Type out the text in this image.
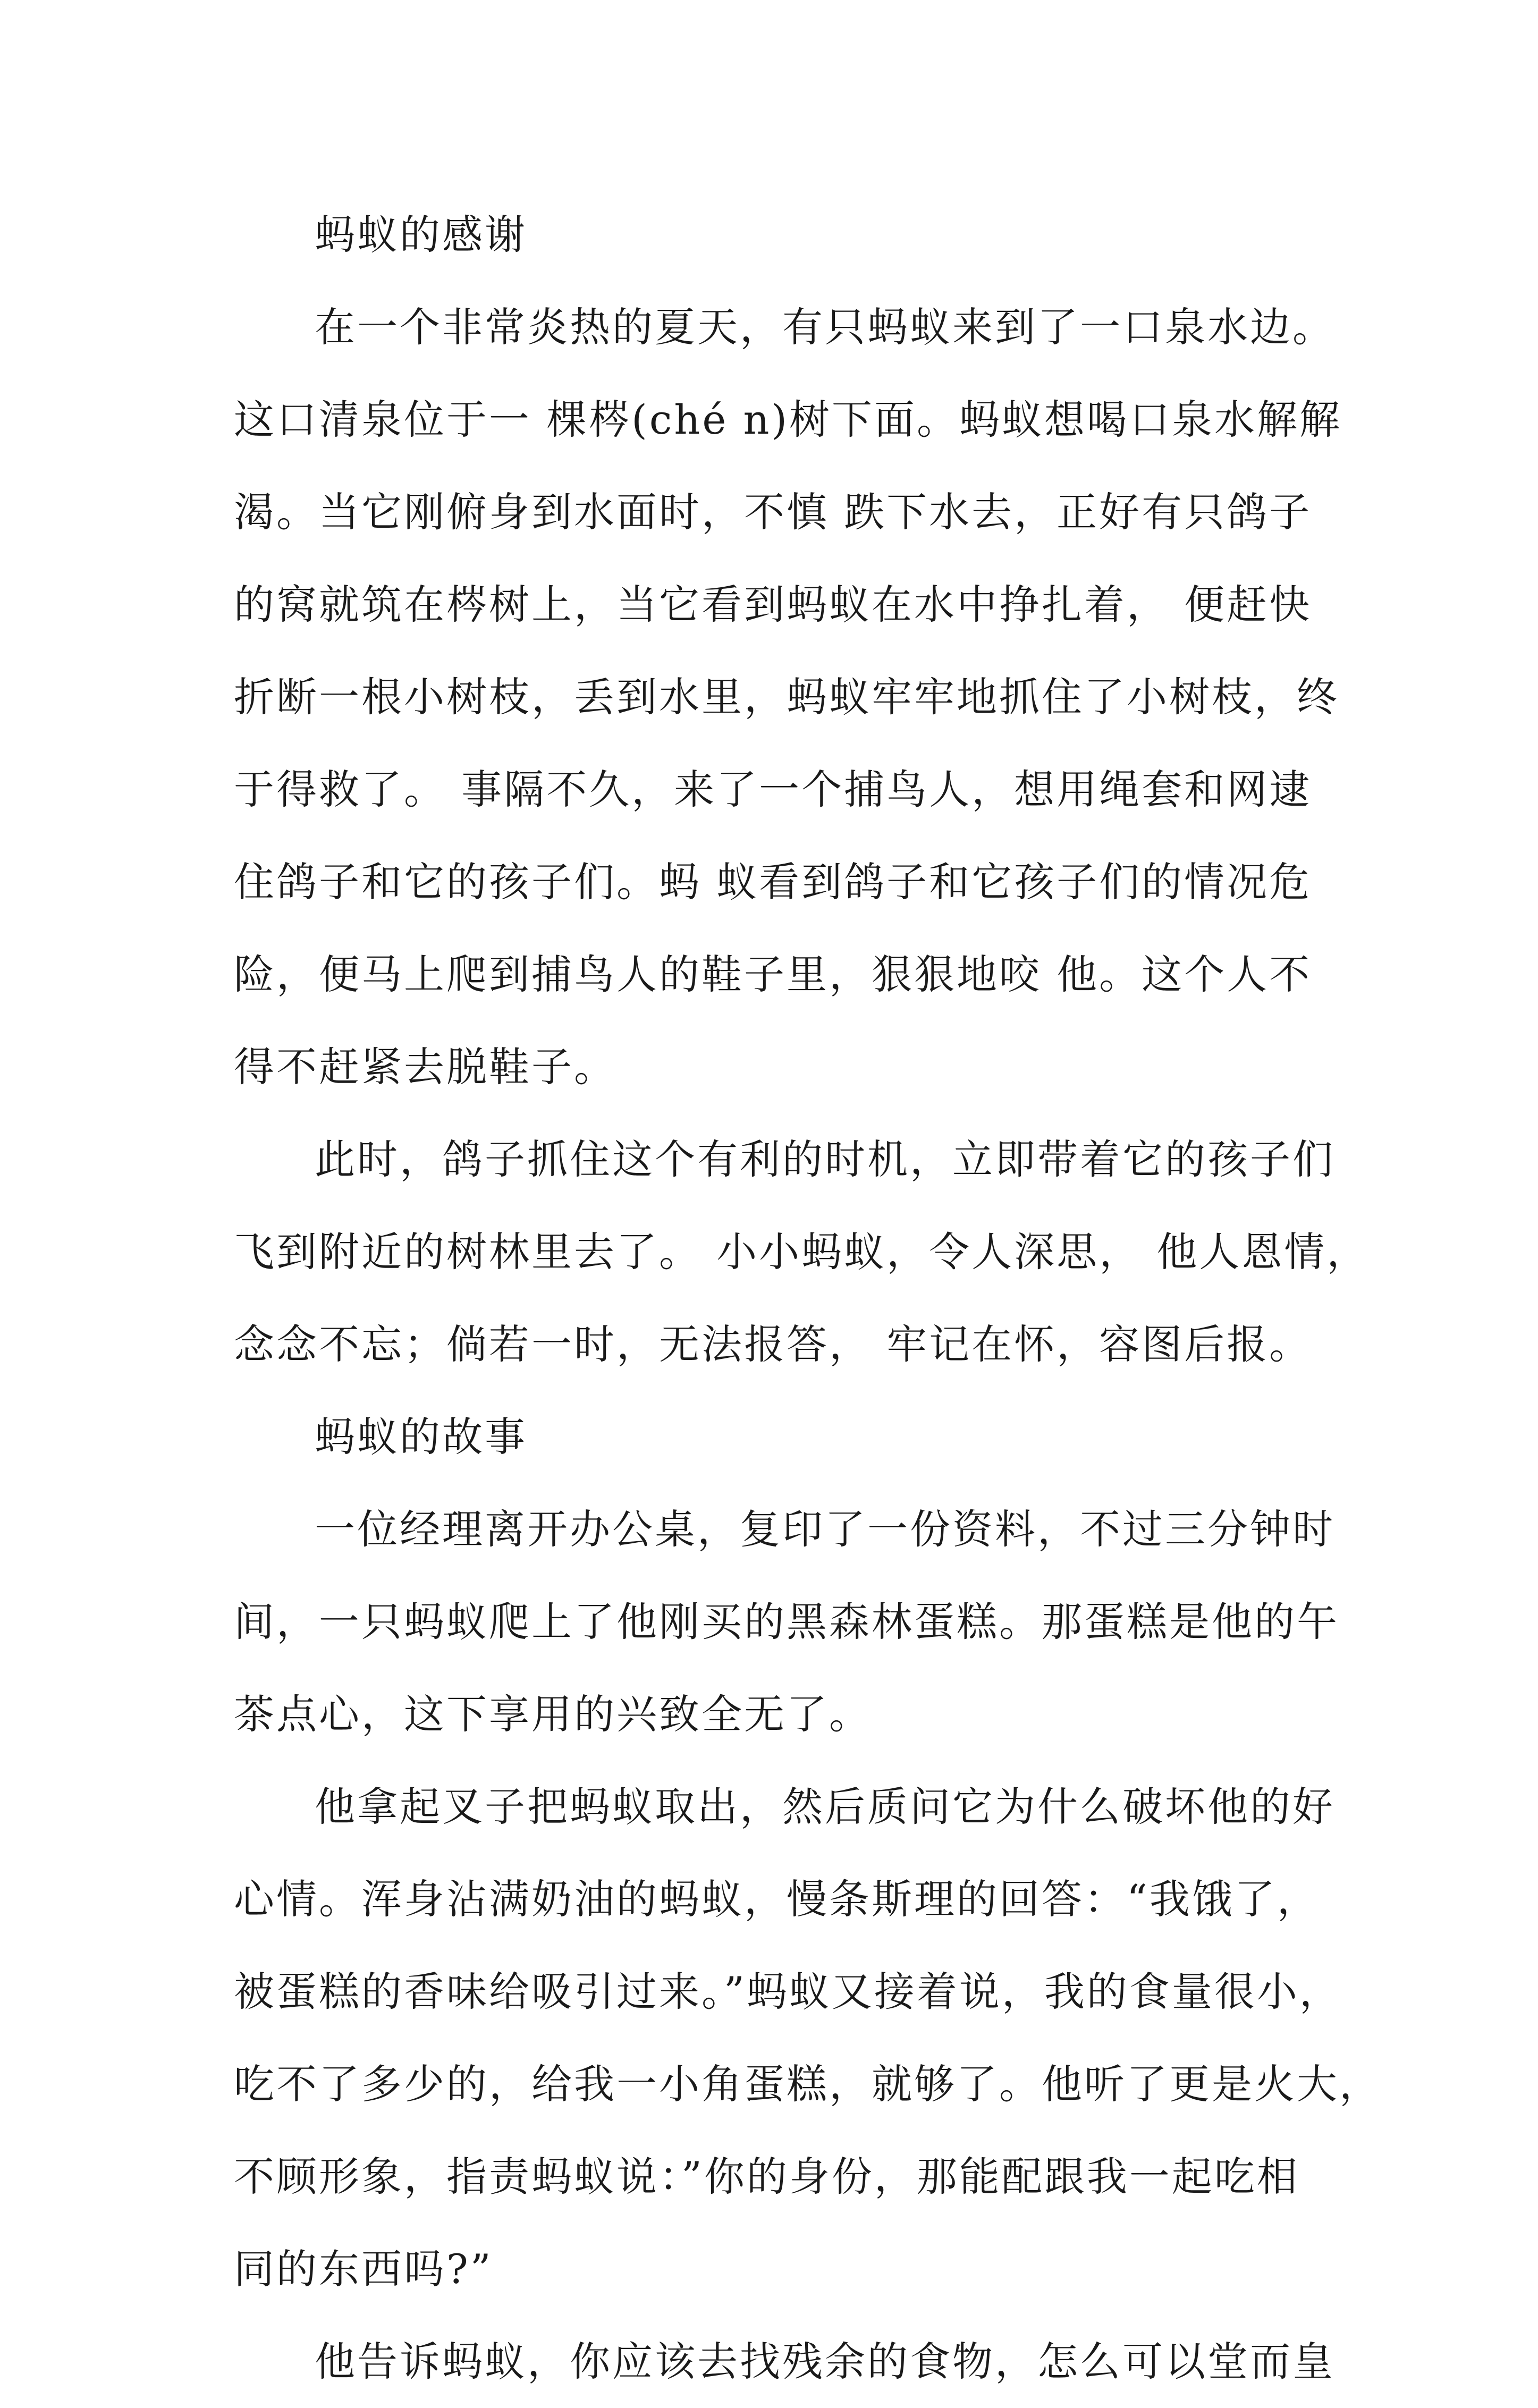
蚂蚁的感谢
在一个非常炎热的夏天，有只蚂蚁来到了一口泉水边。
这口清泉位于一 棵梣(ché n)树下面。蚂蚁想喝口泉水解解
渴。当它刚俯身到水面时，不慎 跌下水去，正好有只鸽子
的窝就筑在梣树上，当它看到蚂蚁在水中挣扎着， 便赶快
折断一根小树枝，丢到水里，蚂蚁牢牢地抓住了小树枝，终
于得救了。 事隔不久，来了一个捕鸟人，想用绳套和网逮
住鸽子和它的孩子们。蚂 蚁看到鸽子和它孩子们的情况危
险，便马上爬到捕鸟人的鞋子里，狠狠地咬 他。这个人不
得不赶紧去脱鞋子。
此时，鸽子抓住这个有利的时机，立即带着它的孩子们
飞到附近的树林里去了。 小小蚂蚁，令人深思， 他人恩情，
念念不忘；倘若一时，无法报答， 牢记在怀，容图后报。
蚂蚁的故事
一位经理离开办公桌，复印了一份资料，不过三分钟时
间，一只蚂蚁爬上了他刚买的黑森林蛋糕。那蛋糕是他的午
茶点心，这下享用的兴致全无了。
他拿起叉子把蚂蚁取出，然后质问它为什么破坏他的好
心情。浑身沾满奶油的蚂蚁，慢条斯理的回答：“我饿了，
被蛋糕的香味给吸引过来。”蚂蚁又接着说，我的食量很小，
吃不了多少的，给我一小角蛋糕，就够了。他听了更是火大，
不顾形象，指责蚂蚁说：”你的身份，那能配跟我一起吃相
同的东西吗?”
他告诉蚂蚁，你应该去找残余的食物，怎么可以堂而皇
